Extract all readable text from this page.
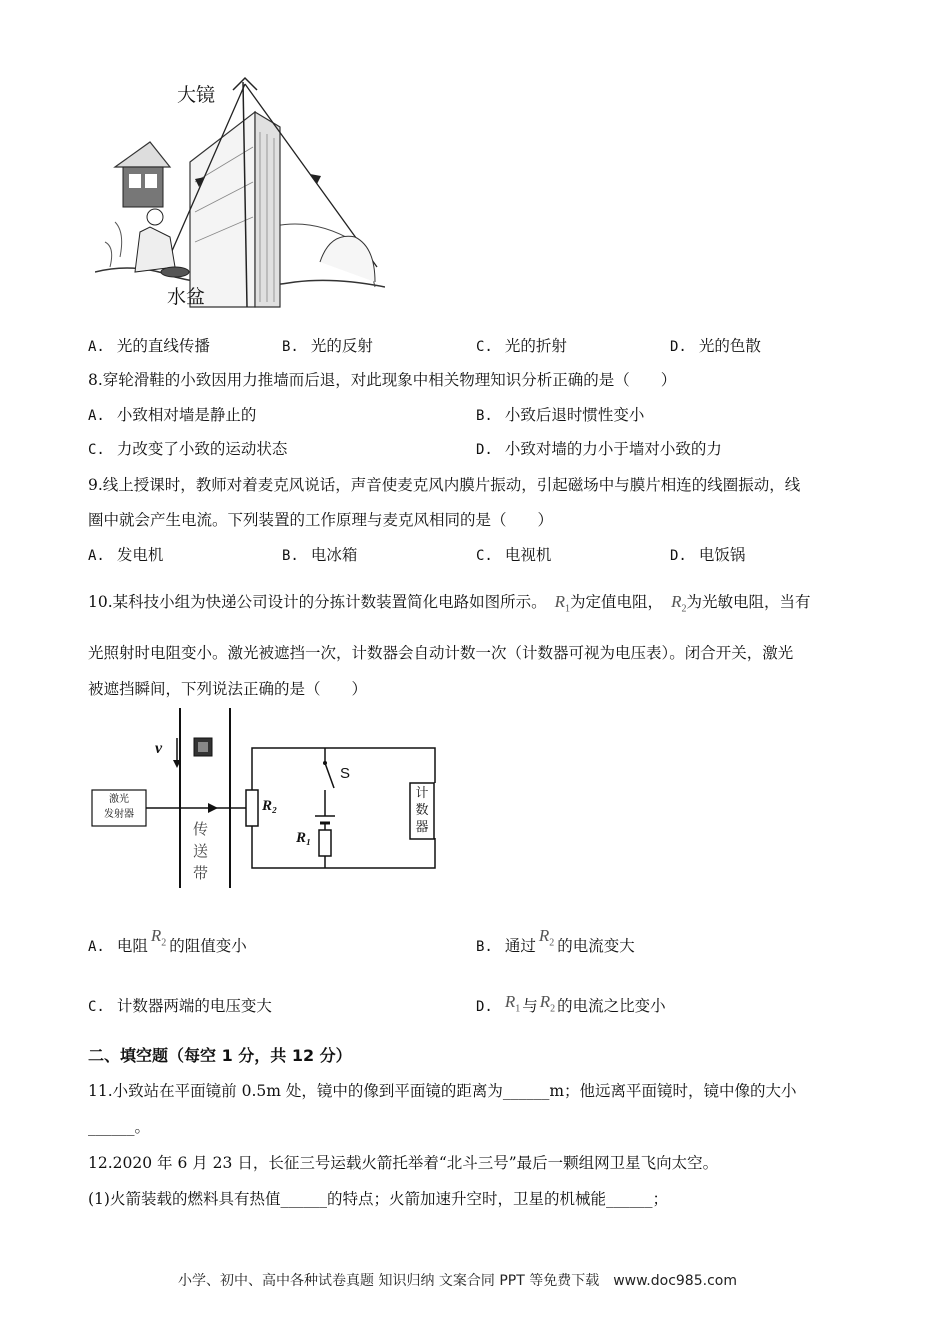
大镜
水盆
A. 光的直线传播	B. 光的反射	C. 光的折射	D. 光的色散
8.穿轮滑鞋的小致因用力推墙而后退，对此现象中相关物理知识分析正确的是（　　）
A. 小致相对墙是静止的	B. 小致后退时惯性变小
C. 力改变了小致的运动状态	D. 小致对墙的力小于墙对小致的力
9.线上授课时，教师对着麦克风说话，声音使麦克风内膜片振动，引起磁场中与膜片相连的线圈振动，线
圈中就会产生电流。下列装置的工作原理与麦克风相同的是（　　）
A. 发电机	B. 电冰箱	C. 电视机	D. 电饭锅
10.某科技小组为快递公司设计的分拣计数装置简化电路如图所示。 $R_1$为定值电阻， $R_2$为光敏电阻，当有
光照射时电阻变小。激光被遮挡一次，计数器会自动计数一次（计数器可视为电压表）。闭合开关，激光
被遮挡瞬间，下列说法正确的是（　　）
v
激光
发射器
传
送
带
R₂
S
R₁
计
数
器
A. 电阻$R_2$ 的阻值变小	B. 通过$R_2$ 的电流变大
C. 计数器两端的电压变大	D. $R_1$ 与 $R_2$ 的电流之比变小
二、填空题（每空 1 分，共 12 分）
11.小致站在平面镜前 0.5m 处，镜中的像到平面镜的距离为______m；他远离平面镜时，镜中像的大小
______。
12.2020 年 6 月 23 日，长征三号运载火箭托举着“北斗三号”最后一颗组网卫星飞向太空。
(1)火箭装载的燃料具有热值______的特点；火箭加速升空时，卫星的机械能______；
小学、初中、高中各种试卷真题 知识归纳 文案合同 PPT 等免费下载　www.doc985.com
